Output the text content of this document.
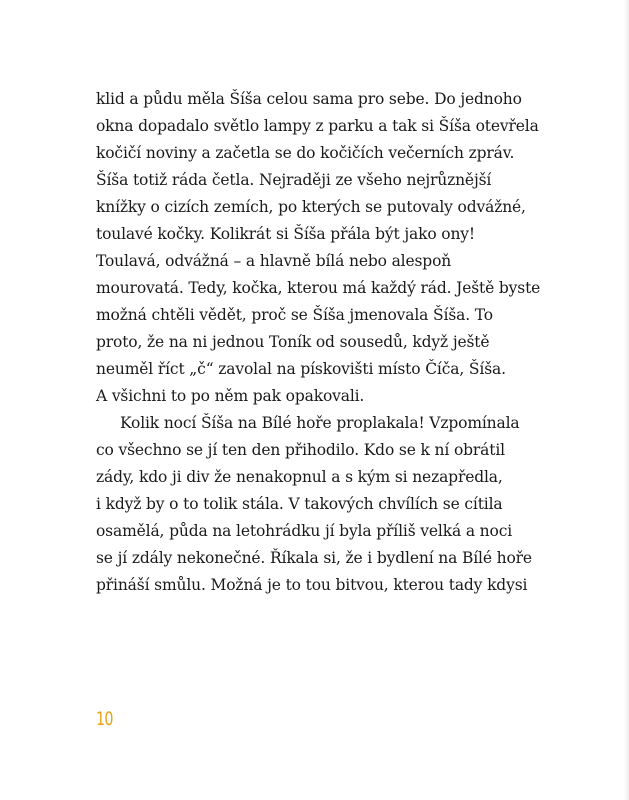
klid a půdu měla Šíša celou sama pro sebe. Do jednoho
okna dopadalo světlo lampy z parku a tak si Šíša otevřela
kočičí noviny a začetla se do kočičích večerních zpráv.
Šíša totiž ráda četla. Nejraději ze všeho nejrůznější
knížky o cizích zemích, po kterých se putovaly odvážné,
toulavé kočky. Kolikrát si Šíša přála být jako ony!
Toulavá, odvážná – a hlavně bílá nebo alespoň
mourovatá. Tedy, kočka, kterou má každý rád. Ještě byste
možná chtěli vědět, proč se Šíša jmenovala Šíša. To
proto, že na ni jednou Toník od sousedů, když ještě
neuměl říct „č“ zavolal na pískovišti místo Číča, Šíša.
A všichni to po něm pak opakovali.
Kolik nocí Šíša na Bílé hoře proplakala! Vzpomínala
co všechno se jí ten den přihodilo. Kdo se k ní obrátil
zády, kdo ji div že nenakopnul a s kým si nezapředla,
i když by o to tolik stála. V takových chvílích se cítila
osamělá, půda na letohrádku jí byla příliš velká a noci
se jí zdály nekonečné. Říkala si, že i bydlení na Bílé hoře
přináší smůlu. Možná je to tou bitvou, kterou tady kdysi
10
